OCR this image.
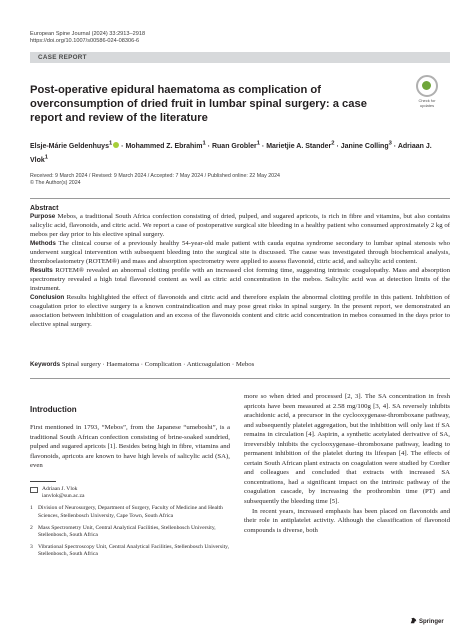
European Spine Journal (2024) 33:2913–2918
https://doi.org/10.1007/s00586-024-08306-6
CASE REPORT
Check for
updates
Post-operative epidural haematoma as complication of overconsumption of dried fruit in lumbar spinal surgery: a case report and review of the literature
Elsje-Márie Geldenhuys$^1$ · Mohammed Z. Ebrahim$^1$ · Ruan Grobler$^1$ · Marietjie A. Stander$^2$ · Janine Colling$^3$ · Adriaan J. Vlok$^1$
Received: 9 March 2024 / Revised: 9 March 2024 / Accepted: 7 May 2024 / Published online: 22 May 2024
© The Author(s) 2024
Abstract

Purpose Mebos, a traditional South Africa confection consisting of dried, pulped, and sugared apricots, is rich in fibre and vitamins, but also contains salicylic acid, flavonoids, and citric acid. We report a case of postoperative surgical site bleeding in a healthy patient who consumed approximately 2 kg of mebos per day prior to his elective spinal surgery.

Methods The clinical course of a previously healthy 54-year-old male patient with cauda equina syndrome secondary to lumbar spinal stenosis who underwent surgical intervention with subsequent bleeding into the surgical site is discussed. The cause was investigated through biochemical analysis, thromboelastometry (ROTEM®) and mass and absorption spectrometry were applied to assess flavonoid, citric acid, and salicylic acid content.

Results ROTEM® revealed an abnormal clotting profile with an increased clot forming time, suggesting intrinsic coagulopathy. Mass and absorption spectrometry revealed a high total flavonoid content as well as citric acid concentration in the mebos. Salicylic acid was at detection limits of the instrument.

Conclusion Results highlighted the effect of flavonoids and citric acid and therefore explain the abnormal clotting profile in this patient. Inhibition of coagulation prior to elective surgery is a known contraindication and may pose great risks in spinal surgery. In the present report, we demonstrated an association between inhibition of coagulation and an excess of the flavonoids content and citric acid concentration in mebos consumed in the days prior to elective spinal surgery.

Keywords Spinal surgery · Haematoma · Complication · Anticoagulation · Mebos
Introduction

First mentioned in 1793, “Mebos”, from the Japanese “umeboshi”, is a traditional South African confection consisting of brine-soaked sundried, pulped and sugared apricots [1]. Besides being high in fibre, vitamins and flavonoids, apricots are known to have high levels of salicylic acid (SA), even

Adriaan J. Vlok
ianvlok@sun.ac.za
1 Division of Neurosurgery, Department of Surgery, Faculty of Medicine and Health Sciences, Stellenbosch University, Cape Town, South Africa
2 Mass Spectrometry Unit, Central Analytical Facilities, Stellenbosch University, Stellenbosch, South Africa
3 Vibrational Spectroscopy Unit, Central Analytical Facilities, Stellenbosch University, Stellenbosch, South Africa

more so when dried and processed [2, 3]. The SA concentration in fresh apricots have been measured at 2.58 mg/100g [3, 4]. SA reversely inhibits arachidonic acid, a precursor in the cyclooxygenase-thromboxane pathway, and subsequently platelet aggregation, but the inhibition will only last if SA remains in circulation [4]. Aspirin, a synthetic acetylated derivative of SA, irreversibly inhibits the cyclooxygenase–thromboxane pathway, leading to permanent inhibition of the platelet during its lifespan [4]. The effects of certain South African plant extracts on coagulation were studied by Cordier and colleagues and concluded that extracts with increased SA concentrations, had a significant impact on the intrinsic pathway of the coagulation cascade, by increasing the prothrombin time (PT) and subsequently the bleeding time [5].

In recent years, increased emphasis has been placed on flavonoids and their role in antiplatelet activity. Although the classification of flavonoid compounds is diverse, both

Springer
